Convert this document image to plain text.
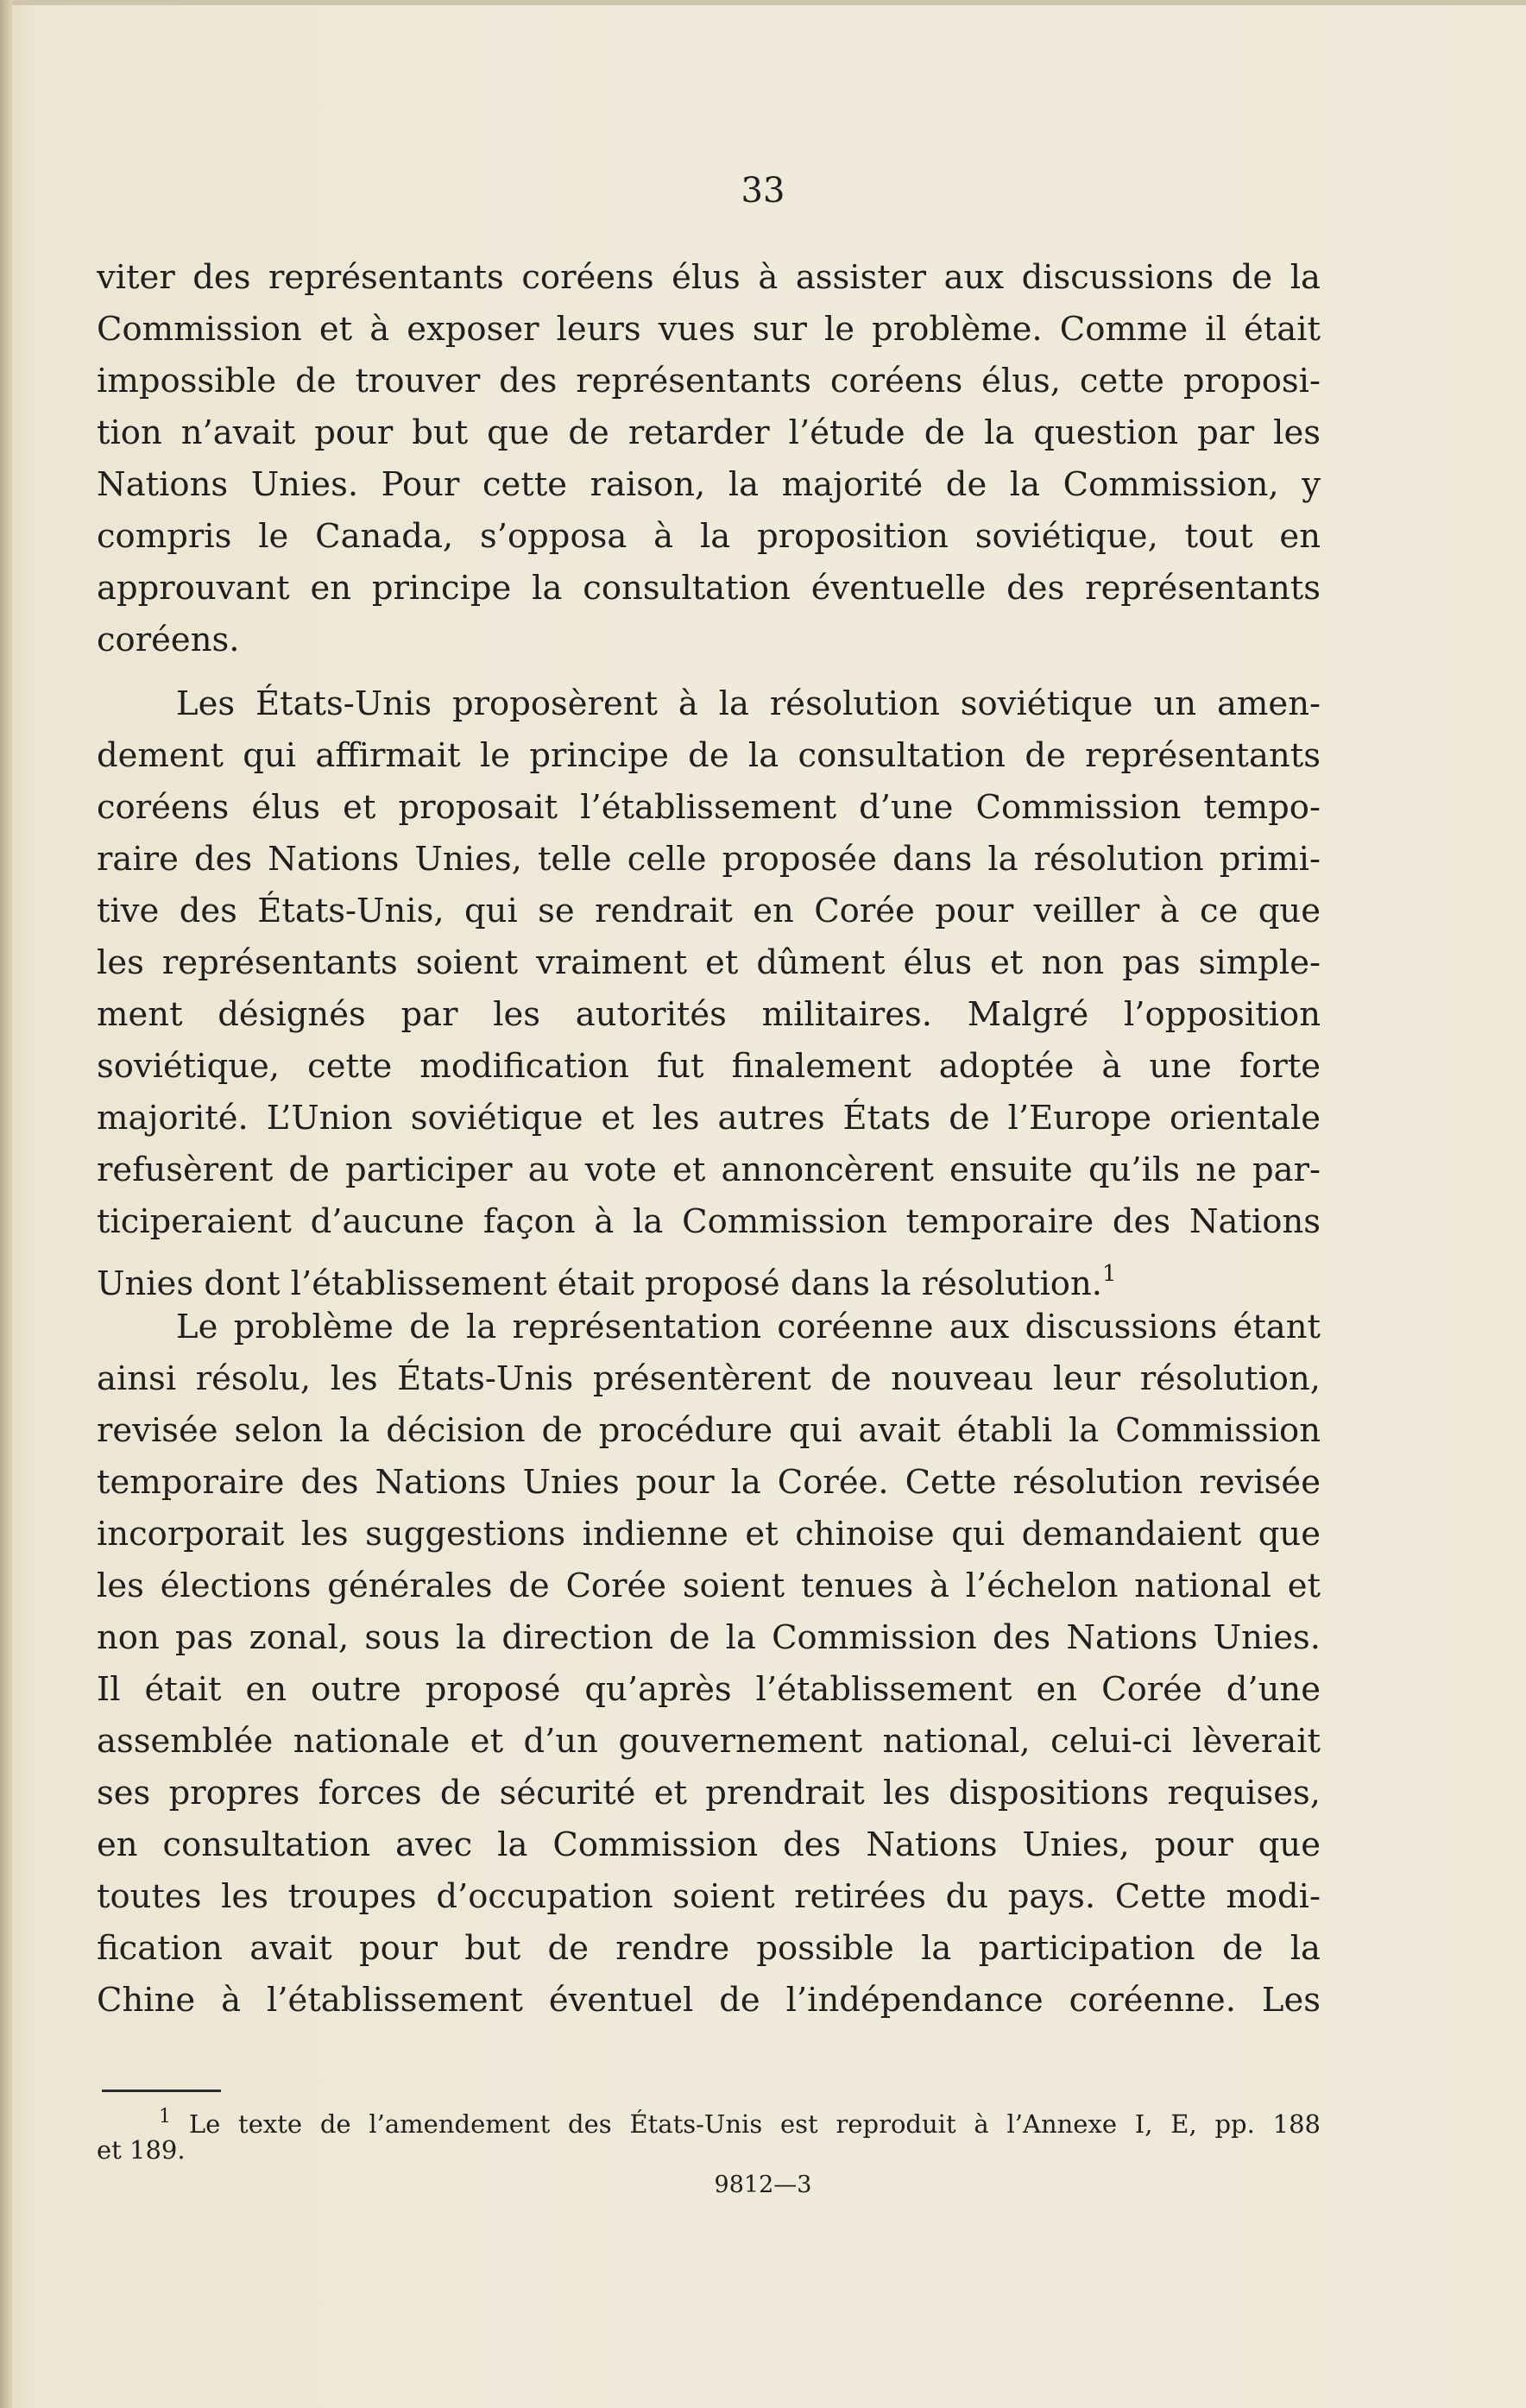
33

viter des représentants coréens élus à assister aux discussions de la
Commission et à exposer leurs vues sur le problème. Comme il était
impossible de trouver des représentants coréens élus, cette proposi-
tion n’avait pour but que de retarder l’étude de la question par les
Nations Unies. Pour cette raison, la majorité de la Commission, y
compris le Canada, s’opposa à la proposition soviétique, tout en
approuvant en principe la consultation éventuelle des représentants
coréens.
Les États-Unis proposèrent à la résolution soviétique un amen-
dement qui affirmait le principe de la consultation de représentants
coréens élus et proposait l’établissement d’une Commission tempo-
raire des Nations Unies, telle celle proposée dans la résolution primi-
tive des États-Unis, qui se rendrait en Corée pour veiller à ce que
les représentants soient vraiment et dûment élus et non pas simple-
ment désignés par les autorités militaires. Malgré l’opposition
soviétique, cette modification fut finalement adoptée à une forte
majorité. L’Union soviétique et les autres États de l’Europe orientale
refusèrent de participer au vote et annoncèrent ensuite qu’ils ne par-
ticiperaient d’aucune façon à la Commission temporaire des Nations
Unies dont l’établissement était proposé dans la résolution.$^1$
Le problème de la représentation coréenne aux discussions étant
ainsi résolu, les États-Unis présentèrent de nouveau leur résolution,
revisée selon la décision de procédure qui avait établi la Commission
temporaire des Nations Unies pour la Corée. Cette résolution revisée
incorporait les suggestions indienne et chinoise qui demandaient que
les élections générales de Corée soient tenues à l’échelon national et
non pas zonal, sous la direction de la Commission des Nations Unies.
Il était en outre proposé qu’après l’établissement en Corée d’une
assemblée nationale et d’un gouvernement national, celui-ci lèverait
ses propres forces de sécurité et prendrait les dispositions requises,
en consultation avec la Commission des Nations Unies, pour que
toutes les troupes d’occupation soient retirées du pays. Cette modi-
fication avait pour but de rendre possible la participation de la
Chine à l’établissement éventuel de l’indépendance coréenne. Les
$^1$ Le texte de l’amendement des États-Unis est reproduit à l’Annexe I, E, pp. 188
et 189.
9812—3
